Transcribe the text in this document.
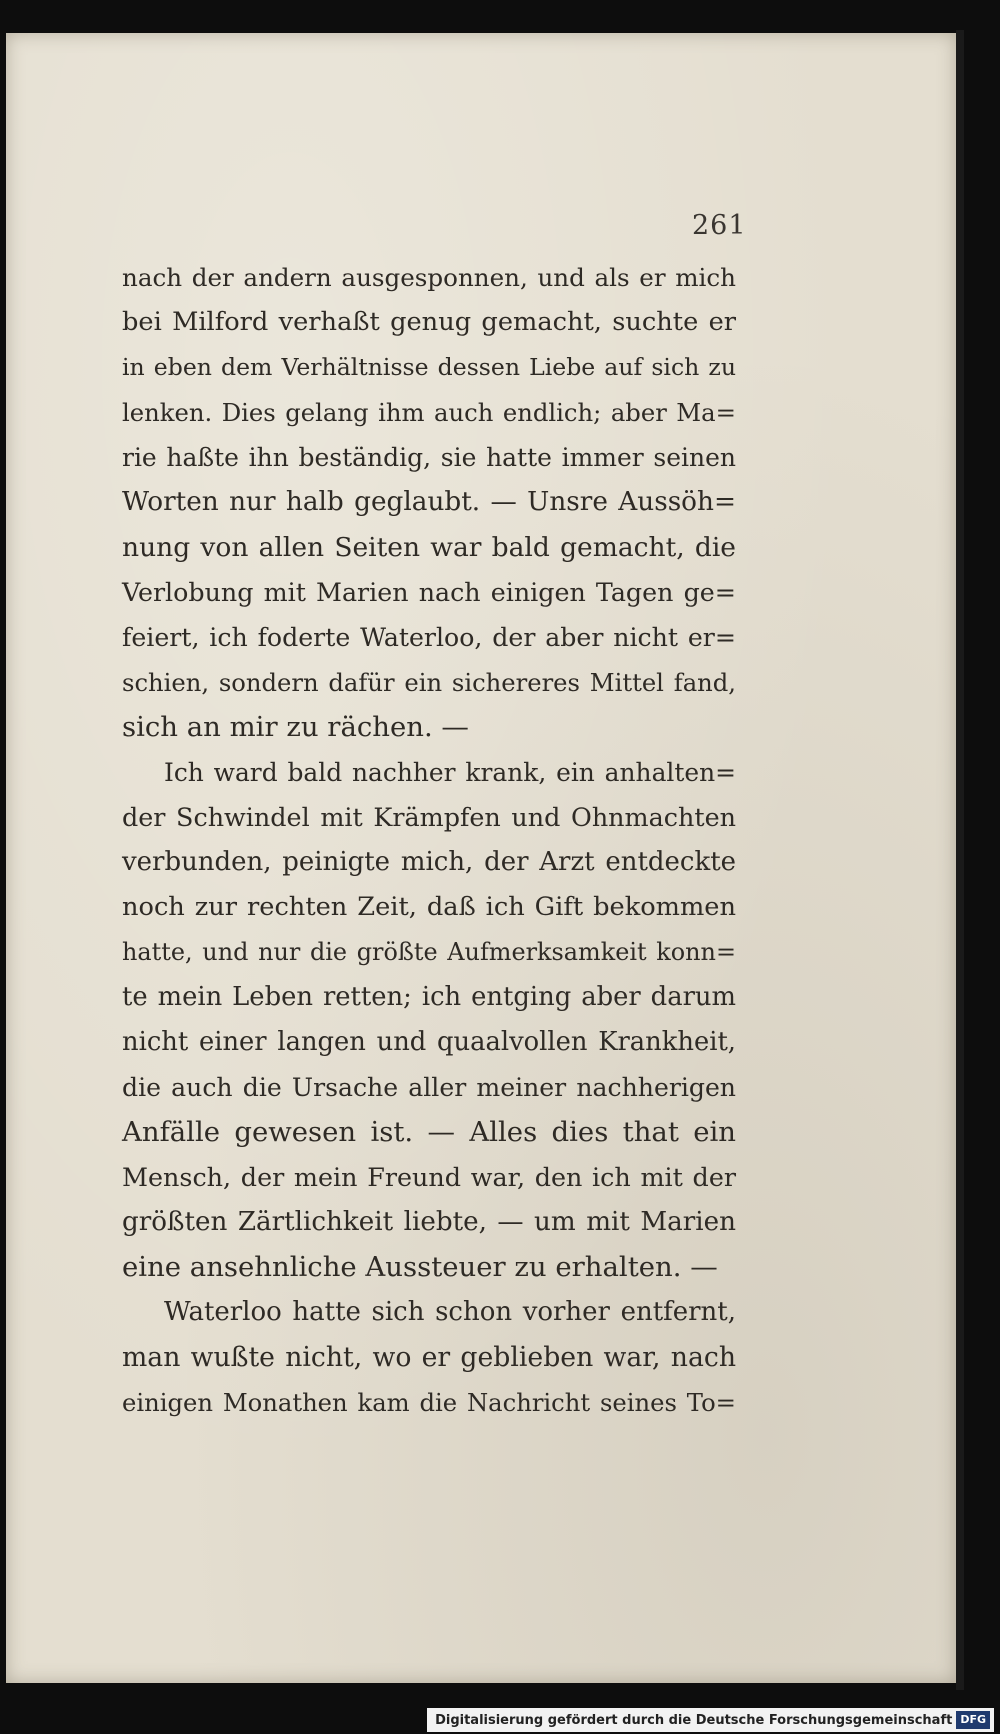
261
nach der andern ausgesponnen, und als er mich
bei Milford verhaßt genug gemacht, suchte er
in eben dem Verhältnisse dessen Liebe auf sich zu
lenken. Dies gelang ihm auch endlich; aber Ma=
rie haßte ihn beständig, sie hatte immer seinen
Worten nur halb geglaubt. — Unsre Aussöh=
nung von allen Seiten war bald gemacht, die
Verlobung mit Marien nach einigen Tagen ge=
feiert, ich foderte Waterloo, der aber nicht er=
schien, sondern dafür ein sichereres Mittel fand,
sich an mir zu rächen. —
Ich ward bald nachher krank, ein anhalten=
der Schwindel mit Krämpfen und Ohnmachten
verbunden, peinigte mich, der Arzt entdeckte
noch zur rechten Zeit, daß ich Gift bekommen
hatte, und nur die größte Aufmerksamkeit konn=
te mein Leben retten; ich entging aber darum
nicht einer langen und quaalvollen Krankheit,
die auch die Ursache aller meiner nachherigen
Anfälle gewesen ist. — Alles dies that ein
Mensch, der mein Freund war, den ich mit der
größten Zärtlichkeit liebte, — um mit Marien
eine ansehnliche Aussteuer zu erhalten. —
Waterloo hatte sich schon vorher entfernt,
man wußte nicht, wo er geblieben war, nach
einigen Monathen kam die Nachricht seines To=
Digitalisierung gefördert durch die Deutsche Forschungsgemeinschaft DFG
